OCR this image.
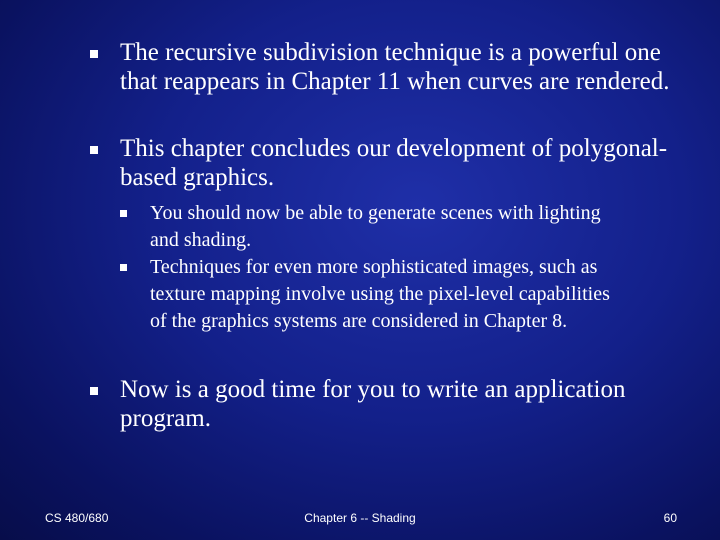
The recursive subdivision technique is a powerful one that reappears in Chapter 11 when curves are rendered.
This chapter concludes our development of polygonal-based graphics.
You should now be able to generate scenes with lighting and shading.
Techniques for even more sophisticated images, such as texture mapping involve using the pixel-level capabilities of the graphics systems are considered in Chapter 8.
Now is a good time for you to write an application program.
CS 480/680	Chapter 6 -- Shading	60
